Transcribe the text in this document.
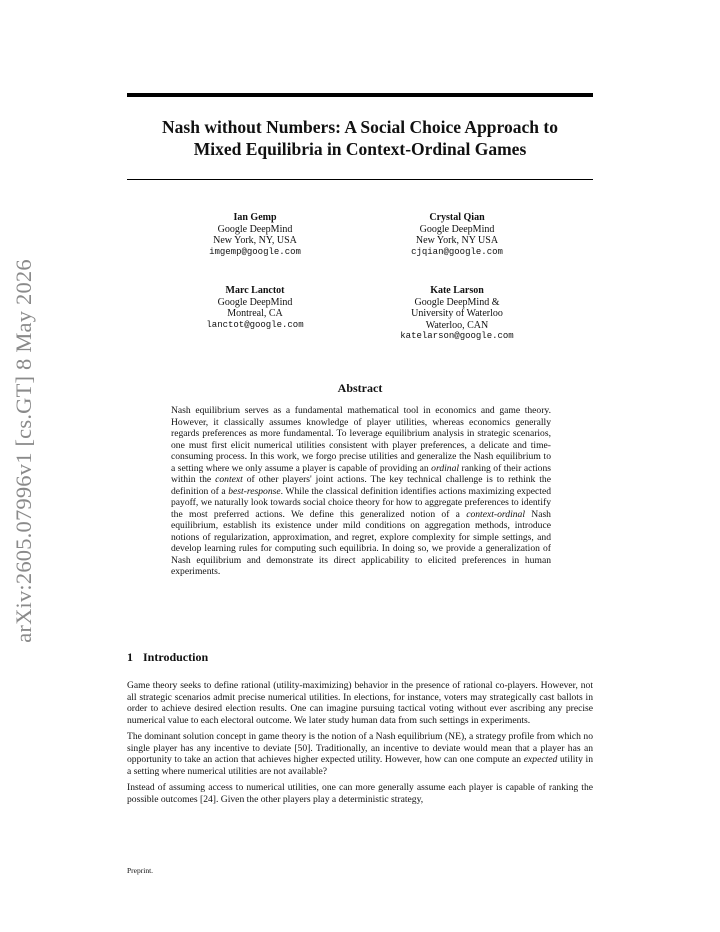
arXiv:2605.07996v1 [cs.GT] 8 May 2026
Nash without Numbers: A Social Choice Approach to
Mixed Equilibria in Context-Ordinal Games
Ian Gemp
Google DeepMind
New York, NY, USA
imgemp@google.com
Crystal Qian
Google DeepMind
New York, NY USA
cjqian@google.com
Marc Lanctot
Google DeepMind
Montreal, CA
lanctot@google.com
Kate Larson
Google DeepMind &
University of Waterloo
Waterloo, CAN
katelarson@google.com
Abstract
Nash equilibrium serves as a fundamental mathematical tool in economics and game theory. However, it classically assumes knowledge of player utilities, whereas economics generally regards preferences as more fundamental. To leverage equilibrium analysis in strategic scenarios, one must first elicit numerical utilities consistent with player preferences, a delicate and time-consuming process. In this work, we forgo precise utilities and generalize the Nash equilibrium to a setting where we only assume a player is capable of providing an ordinal ranking of their actions within the context of other players' joint actions. The key technical challenge is to rethink the definition of a best-response. While the classical definition identifies actions maximizing expected payoff, we naturally look towards social choice theory for how to aggregate preferences to identify the most preferred actions. We define this generalized notion of a context-ordinal Nash equilibrium, establish its existence under mild conditions on aggregation methods, introduce notions of regularization, approximation, and regret, explore complexity for simple settings, and develop learning rules for computing such equilibria. In doing so, we provide a generalization of Nash equilibrium and demonstrate its direct applicability to elicited preferences in human experiments.
1 Introduction

Game theory seeks to define rational (utility-maximizing) behavior in the presence of rational co-players. However, not all strategic scenarios admit precise numerical utilities. In elections, for instance, voters may strategically cast ballots in order to achieve desired election results. One can imagine pursuing tactical voting without ever ascribing any precise numerical value to each electoral outcome. We later study human data from such settings in experiments.

The dominant solution concept in game theory is the notion of a Nash equilibrium (NE), a strategy profile from which no single player has any incentive to deviate [50]. Traditionally, an incentive to deviate would mean that a player has an opportunity to take an action that achieves higher expected utility. However, how can one compute an expected utility in a setting where numerical utilities are not available?

Instead of assuming access to numerical utilities, one can more generally assume each player is capable of ranking the possible outcomes [24]. Given the other players play a deterministic strategy,

Preprint.
